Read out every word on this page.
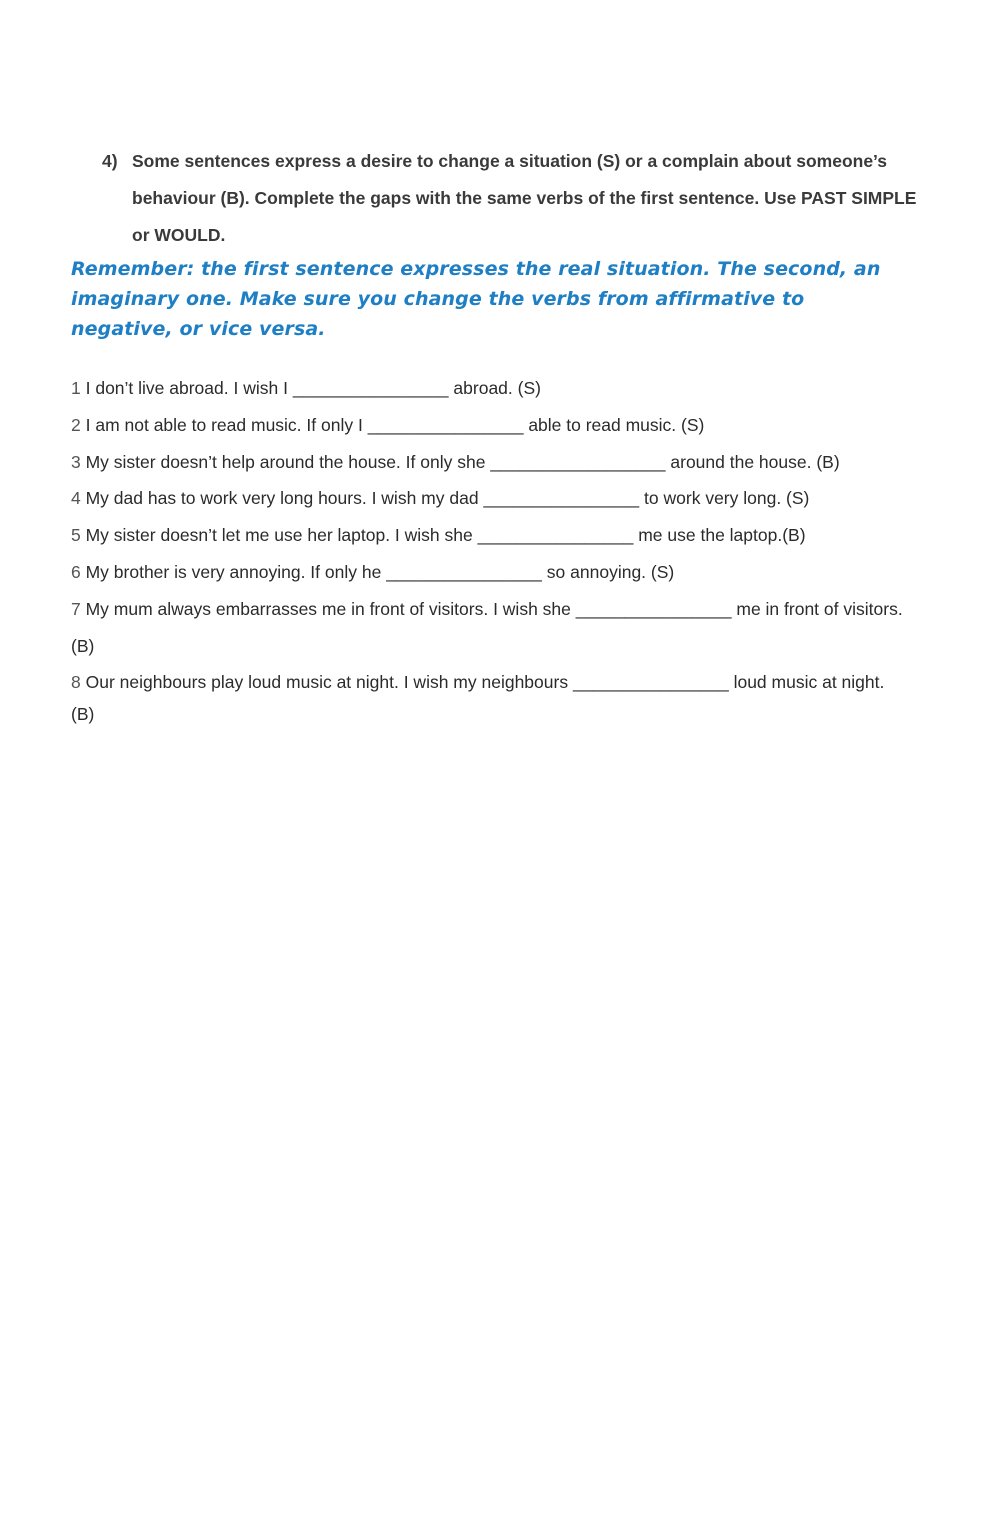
4) Some sentences express a desire to change a situation (S) or a complain about someone’s behaviour (B). Complete the gaps with the same verbs of the first sentence. Use PAST SIMPLE or WOULD.
Remember: the first sentence expresses the real situation. The second, an imaginary one. Make sure you change the verbs from affirmative to negative, or vice versa.
1 I don’t live abroad. I wish I ________________ abroad. (S)
2 I am not able to read music. If only I ________________ able to read music. (S)
3 My sister doesn’t help around the house. If only she __________________ around the house. (B)
4 My dad has to work very long hours. I wish my dad ________________ to work very long. (S)
5 My sister doesn’t let me use her laptop. I wish she ________________ me use the laptop.(B)
6 My brother is very annoying. If only he ________________ so annoying. (S)
7 My mum always embarrasses me in front of visitors. I wish she ________________ me in front of visitors. (B)
8 Our neighbours play loud music at night. I wish my neighbours ________________ loud music at night. (B)
